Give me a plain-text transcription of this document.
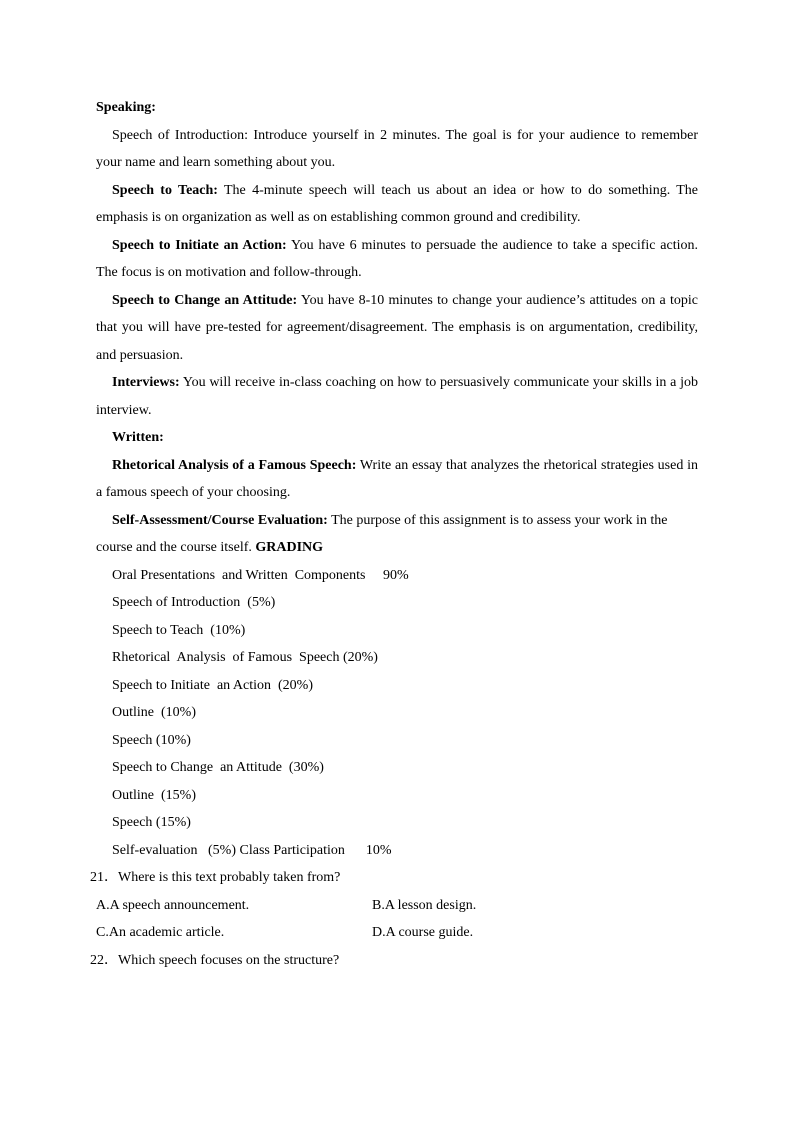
Speaking:

Speech of Introduction: Introduce yourself in 2 minutes. The goal is for your audience to remember your name and learn something about you.

Speech to Teach: The 4-minute speech will teach us about an idea or how to do something. The emphasis is on organization as well as on establishing common ground and credibility.

Speech to Initiate an Action: You have 6 minutes to persuade the audience to take a specific action. The focus is on motivation and follow-through.

Speech to Change an Attitude: You have 8-10 minutes to change your audience’s attitudes on a topic that you will have pre-tested for agreement/disagreement. The emphasis is on argumentation, credibility, and persuasion.

Interviews: You will receive in-class coaching on how to persuasively communicate your skills in a job interview.

Written:

Rhetorical Analysis of a Famous Speech: Write an essay that analyzes the rhetorical strategies used in a famous speech of your choosing.

Self-Assessment/Course Evaluation: The purpose of this assignment is to assess your work in the course and the course itself. GRADING

Oral Presentations  and Written  Components     90%

Speech of Introduction  (5%)

Speech to Teach  (10%)

Rhetorical  Analysis  of Famous  Speech (20%)

Speech to Initiate  an Action  (20%)

Outline  (10%)

Speech (10%)

Speech to Change  an Attitude  (30%)

Outline  (15%)

Speech (15%)

Self-evaluation   (5%) Class Participation      10%

21．Where is this text probably taken from?

A.A speech announcement.	B.A lesson design.
C.An academic article.	D.A course guide.

22．Which speech focuses on the structure?
